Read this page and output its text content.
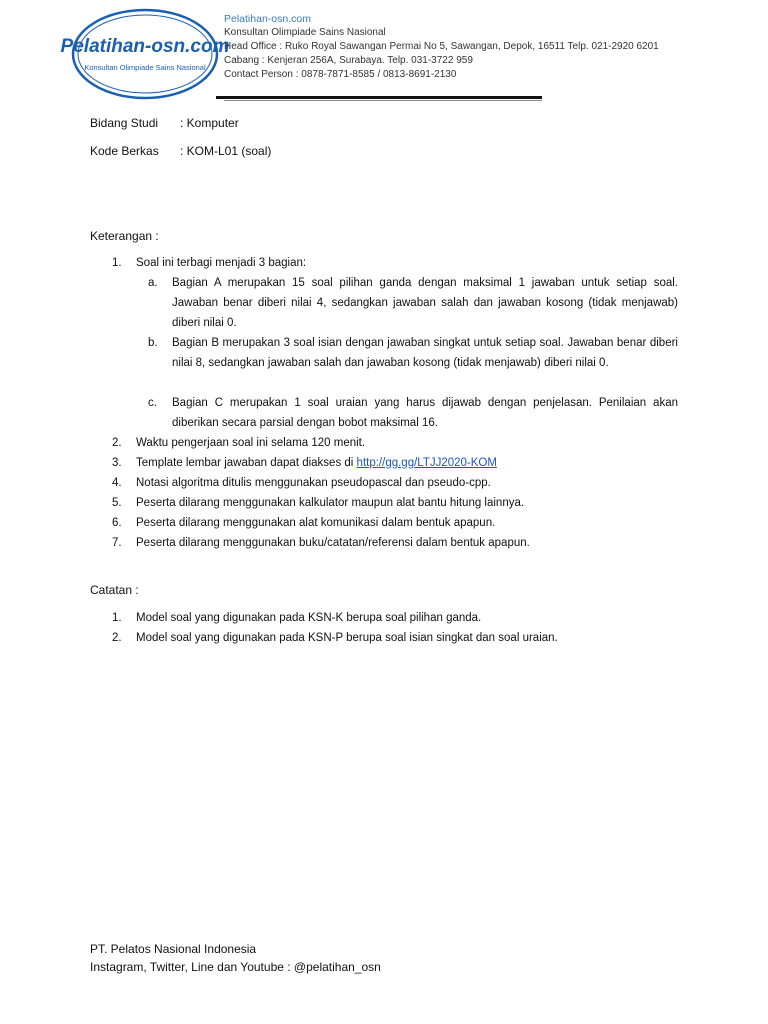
Pelatihan-osn.com
Konsultan Olimpiade Sains Nasional
Pelatihan-osn.com
Konsultan Olimpiade Sains Nasional
Head Office : Ruko Royal Sawangan Permai No 5, Sawangan, Depok, 16511 Telp. 021-2920 6201
Cabang : Kenjeran 256A, Surabaya. Telp. 031-3722 959
Contact Person : 0878-7871-8585 / 0813-8691-2130
Bidang Studi : Komputer
Kode Berkas : KOM-L01 (soal)
Keterangan :
1.	Soal ini terbagi menjadi 3 bagian:
a.	Bagian A merupakan 15 soal pilihan ganda dengan maksimal 1 jawaban untuk setiap soal. Jawaban benar diberi nilai 4, sedangkan jawaban salah dan jawaban kosong (tidak menjawab) diberi nilai 0.
b.	Bagian B merupakan 3 soal isian dengan jawaban singkat untuk setiap soal. Jawaban benar diberi nilai 8, sedangkan jawaban salah dan jawaban kosong (tidak menjawab) diberi nilai 0.
c.	Bagian C merupakan 1 soal uraian yang harus dijawab dengan penjelasan. Penilaian akan diberikan secara parsial dengan bobot maksimal 16.
2.	Waktu pengerjaan soal ini selama 120 menit.
3.	Template lembar jawaban dapat diakses di http://gg.gg/LTJJ2020-KOM
4.	Notasi algoritma ditulis menggunakan pseudopascal dan pseudo-cpp.
5.	Peserta dilarang menggunakan kalkulator maupun alat bantu hitung lainnya.
6.	Peserta dilarang menggunakan alat komunikasi dalam bentuk apapun.
7.	Peserta dilarang menggunakan buku/catatan/referensi dalam bentuk apapun.
Catatan :
1.	Model soal yang digunakan pada KSN-K berupa soal pilihan ganda.
2.	Model soal yang digunakan pada KSN-P berupa soal isian singkat dan soal uraian.
PT. Pelatos Nasional Indonesia
Instagram, Twitter, Line dan Youtube : @pelatihan_osn
